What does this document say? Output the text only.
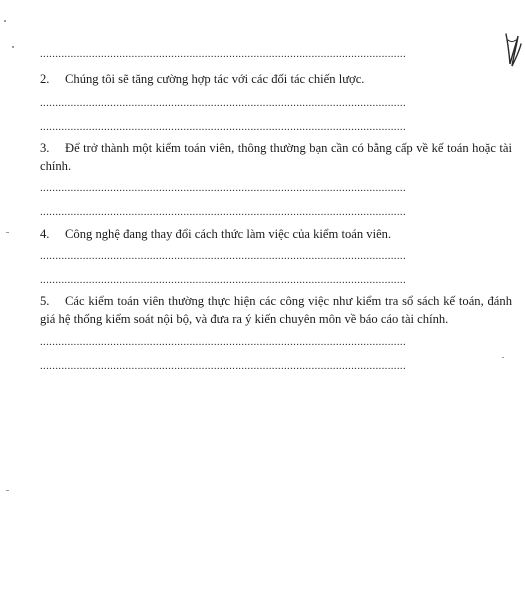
........................................................................................................................
2. Chúng tôi sẽ tăng cường hợp tác với các đối tác chiến lược.
........................................................................................................................
........................................................................................................................
3. Để trở thành một kiểm toán viên, thông thường bạn cần có bằng cấp về kế toán hoặc tài chính.
........................................................................................................................
........................................................................................................................
4. Công nghệ đang thay đổi cách thức làm việc của kiểm toán viên.
........................................................................................................................
........................................................................................................................
5. Các kiểm toán viên thường thực hiện các công việc như kiểm tra sổ sách kế toán, đánh giá hệ thống kiểm soát nội bộ, và đưa ra ý kiến chuyên môn về báo cáo tài chính.
........................................................................................................................
........................................................................................................................
